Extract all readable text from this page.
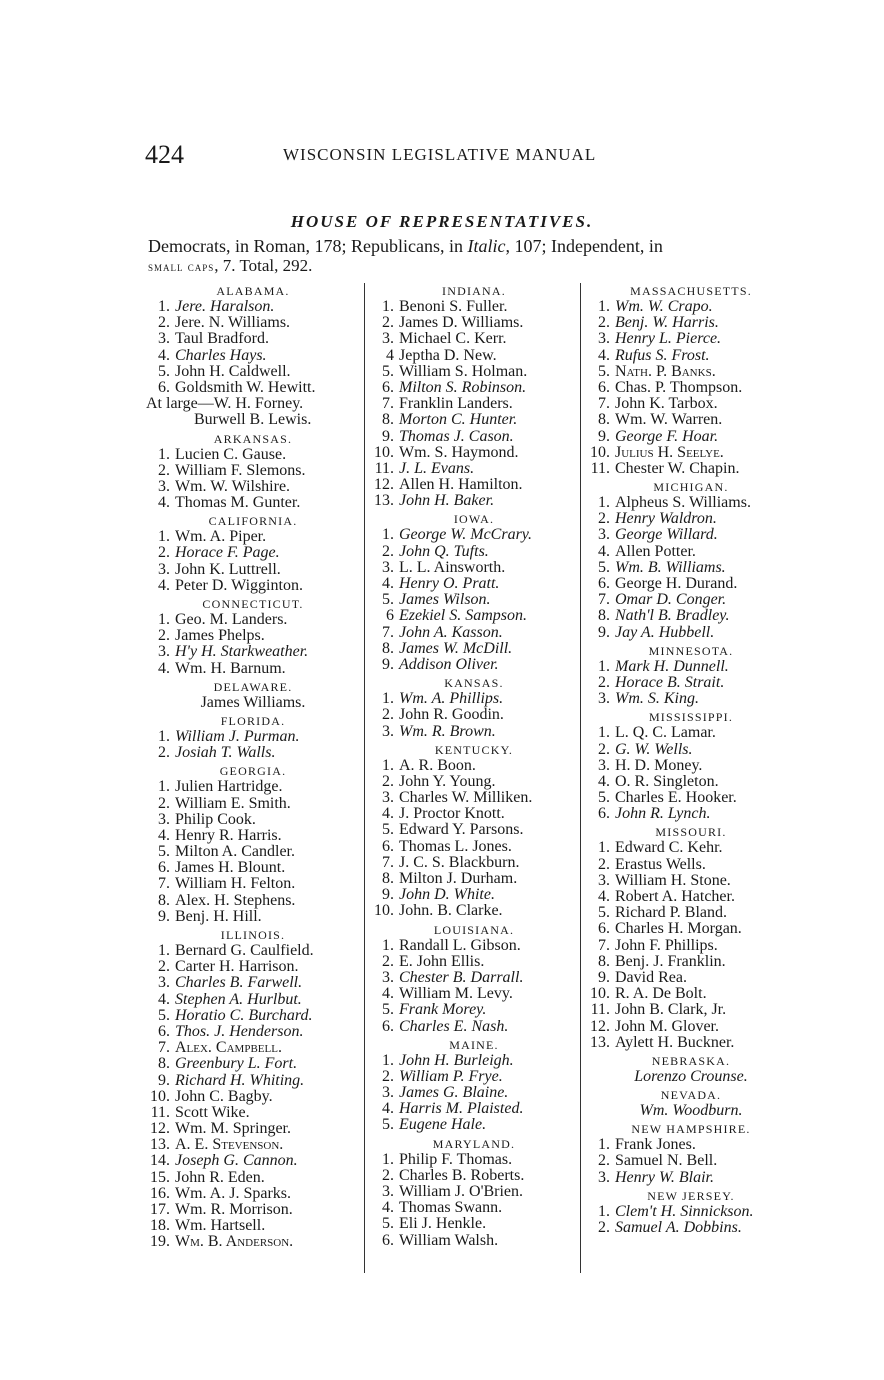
424	WISCONSIN LEGISLATIVE MANUAL
HOUSE OF REPRESENTATIVES.
Democrats, in Roman, 178; Republicans, in Italic, 107; Independent, in
small caps, 7. Total, 292.
ALABAMA.
1. Jere. Haralson.
2. Jere. N. Williams.
3. Taul Bradford.
4. Charles Hays.
5. John H. Caldwell.
6. Goldsmith W. Hewitt.
At large—W. H. Forney.
Burwell B. Lewis.
ARKANSAS.
1. Lucien C. Gause.
2. William F. Slemons.
3. Wm. W. Wilshire.
4. Thomas M. Gunter.
CALIFORNIA.
1. Wm. A. Piper.
2. Horace F. Page.
3. John K. Luttrell.
4. Peter D. Wigginton.
CONNECTICUT.
1. Geo. M. Landers.
2. James Phelps.
3. H'y H. Starkweather.
4. Wm. H. Barnum.
DELAWARE.
James Williams.
FLORIDA.
1. William J. Purman.
2. Josiah T. Walls.
GEORGIA.
1. Julien Hartridge.
2. William E. Smith.
3. Philip Cook.
4. Henry R. Harris.
5. Milton A. Candler.
6. James H. Blount.
7. William H. Felton.
8. Alex. H. Stephens.
9. Benj. H. Hill.
ILLINOIS.
1. Bernard G. Caulfield.
2. Carter H. Harrison.
3. Charles B. Farwell.
4. Stephen A. Hurlbut.
5. Horatio C. Burchard.
6. Thos. J. Henderson.
7. Alex. Campbell.
8. Greenbury L. Fort.
9. Richard H. Whiting.
10. John C. Bagby.
11. Scott Wike.
12. Wm. M. Springer.
13. A. E. Stevenson.
14. Joseph G. Cannon.
15. John R. Eden.
16. Wm. A. J. Sparks.
17. Wm. R. Morrison.
18. Wm. Hartsell.
19. Wm. B. Anderson.
INDIANA.
1. Benoni S. Fuller.
2. James D. Williams.
3. Michael C. Kerr.
4 Jeptha D. New.
5. William S. Holman.
6. Milton S. Robinson.
7. Franklin Landers.
8. Morton C. Hunter.
9. Thomas J. Cason.
10. Wm. S. Haymond.
11. J. L. Evans.
12. Allen H. Hamilton.
13. John H. Baker.
IOWA.
1. George W. McCrary.
2. John Q. Tufts.
3. L. L. Ainsworth.
4. Henry O. Pratt.
5. James Wilson.
6 Ezekiel S. Sampson.
7. John A. Kasson.
8. James W. McDill.
9. Addison Oliver.
KANSAS.
1. Wm. A. Phillips.
2. John R. Goodin.
3. Wm. R. Brown.
KENTUCKY.
1. A. R. Boon.
2. John Y. Young.
3. Charles W. Milliken.
4. J. Proctor Knott.
5. Edward Y. Parsons.
6. Thomas L. Jones.
7. J. C. S. Blackburn.
8. Milton J. Durham.
9. John D. White.
10. John. B. Clarke.
LOUISIANA.
1. Randall L. Gibson.
2. E. John Ellis.
3. Chester B. Darrall.
4. William M. Levy.
5. Frank Morey.
6. Charles E. Nash.
MAINE.
1. John H. Burleigh.
2. William P. Frye.
3. James G. Blaine.
4. Harris M. Plaisted.
5. Eugene Hale.
MARYLAND.
1. Philip F. Thomas.
2. Charles B. Roberts.
3. William J. O'Brien.
4. Thomas Swann.
5. Eli J. Henkle.
6. William Walsh.
MASSACHUSETTS.
1. Wm. W. Crapo.
2. Benj. W. Harris.
3. Henry L. Pierce.
4. Rufus S. Frost.
5. Nath. P. Banks.
6. Chas. P. Thompson.
7. John K. Tarbox.
8. Wm. W. Warren.
9. George F. Hoar.
10. Julius H. Seelye.
11. Chester W. Chapin.
MICHIGAN.
1. Alpheus S. Williams.
2. Henry Waldron.
3. George Willard.
4. Allen Potter.
5. Wm. B. Williams.
6. George H. Durand.
7. Omar D. Conger.
8. Nath'l B. Bradley.
9. Jay A. Hubbell.
MINNESOTA.
1. Mark H. Dunnell.
2. Horace B. Strait.
3. Wm. S. King.
MISSISSIPPI.
1. L. Q. C. Lamar.
2. G. W. Wells.
3. H. D. Money.
4. O. R. Singleton.
5. Charles E. Hooker.
6. John R. Lynch.
MISSOURI.
1. Edward C. Kehr.
2. Erastus Wells.
3. William H. Stone.
4. Robert A. Hatcher.
5. Richard P. Bland.
6. Charles H. Morgan.
7. John F. Phillips.
8. Benj. J. Franklin.
9. David Rea.
10. R. A. De Bolt.
11. John B. Clark, Jr.
12. John M. Glover.
13. Aylett H. Buckner.
NEBRASKA.
Lorenzo Crounse.
NEVADA.
Wm. Woodburn.
NEW HAMPSHIRE.
1. Frank Jones.
2. Samuel N. Bell.
3. Henry W. Blair.
NEW JERSEY.
1. Clem't H. Sinnickson.
2. Samuel A. Dobbins.
